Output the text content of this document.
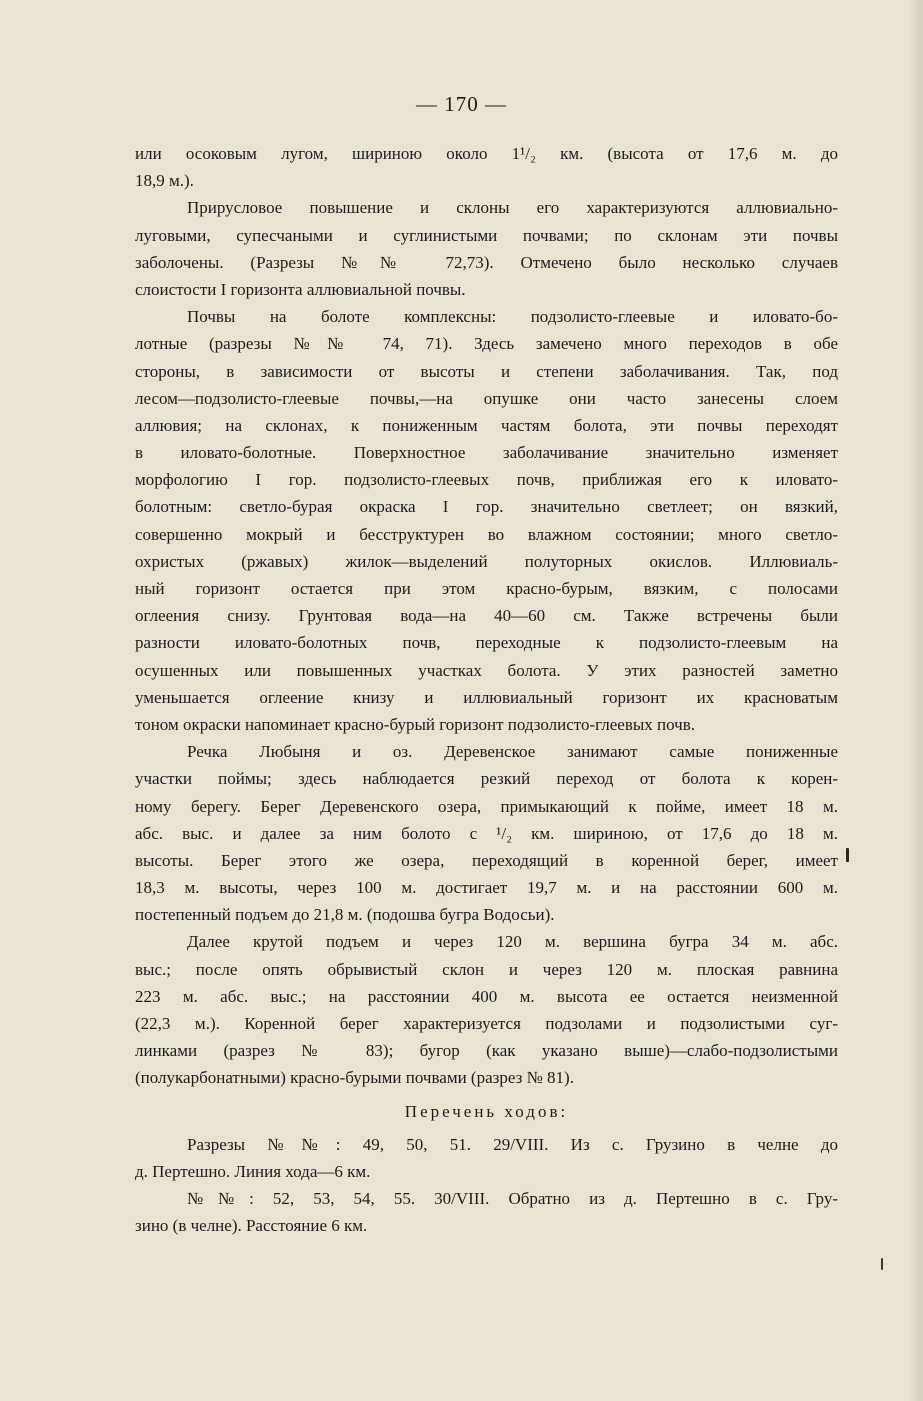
— 170 —
или осоковым лугом, шириною около 1¹/₂ км. (высота от 17,6 м. до
18,9 м.).
Прирусловое повышение и склоны его характеризуются аллювиально-
луговыми, супесчаными и суглинистыми почвами; по склонам эти почвы
заболочены. (Разрезы №№ 72,73). Отмечено было несколько случаев
слоистости I горизонта аллювиальной почвы.
Почвы на болоте комплексны: подзолисто-глеевые и иловато-бо-
лотные (разрезы №№ 74, 71). Здесь замечено много переходов в обе
стороны, в зависимости от высоты и степени заболачивания. Так, под
лесом—подзолисто-глеевые почвы,—на опушке они часто занесены слоем
аллювия; на склонах, к пониженным частям болота, эти почвы переходят
в иловато-болотные. Поверхностное заболачивание значительно изменяет
морфологию I гор. подзолисто-глеевых почв, приближая его к иловато-
болотным: светло-бурая окраска I гор. значительно светлеет; он вязкий,
совершенно мокрый и бесструктурен во влажном состоянии; много светло-
охристых (ржавых) жилок—выделений полуторных окислов. Иллювиаль-
ный горизонт остается при этом красно-бурым, вязким, с полосами
оглеения снизу. Грунтовая вода—на 40—60 см. Также встречены были
разности иловато-болотных почв, переходные к подзолисто-глеевым на
осушенных или повышенных участках болота. У этих разностей заметно
уменьшается оглеение книзу и иллювиальный горизонт их красноватым
тоном окраски напоминает красно-бурый горизонт подзолисто-глеевых почв.
Речка Любыня и оз. Деревенское занимают самые пониженные
участки поймы; здесь наблюдается резкий переход от болота к корен-
ному берегу. Берег Деревенского озера, примыкающий к пойме, имеет 18 м.
абс. выс. и далее за ним болото с ¹/₂ км. шириною, от 17,6 до 18 м.
высоты. Берег этого же озера, переходящий в коренной берег, имеет
18,3 м. высоты, через 100 м. достигает 19,7 м. и на расстоянии 600 м.
постепенный подъем до 21,8 м. (подошва бугра Водосьи).
Далее крутой подъем и через 120 м. вершина бугра 34 м. абс.
выс.; после опять обрывистый склон и через 120 м. плоская равнина
223 м. абс. выс.; на расстоянии 400 м. высота ее остается неизменной
(22,3 м.). Коренной берег характеризуется подзолами и подзолистыми суг-
линками (разрез № 83); бугор (как указано выше)—слабо-подзолистыми
(полукарбонатными) красно-бурыми почвами (разрез № 81).
Перечень ходов:
Разрезы №№: 49, 50, 51. 29/VIII. Из с. Грузино в челне до
д. Пертешно. Линия хода—6 км.
№№: 52, 53, 54, 55. 30/VIII. Обратно из д. Пертешно в с. Гру-
зино (в челне). Расстояние 6 км.
